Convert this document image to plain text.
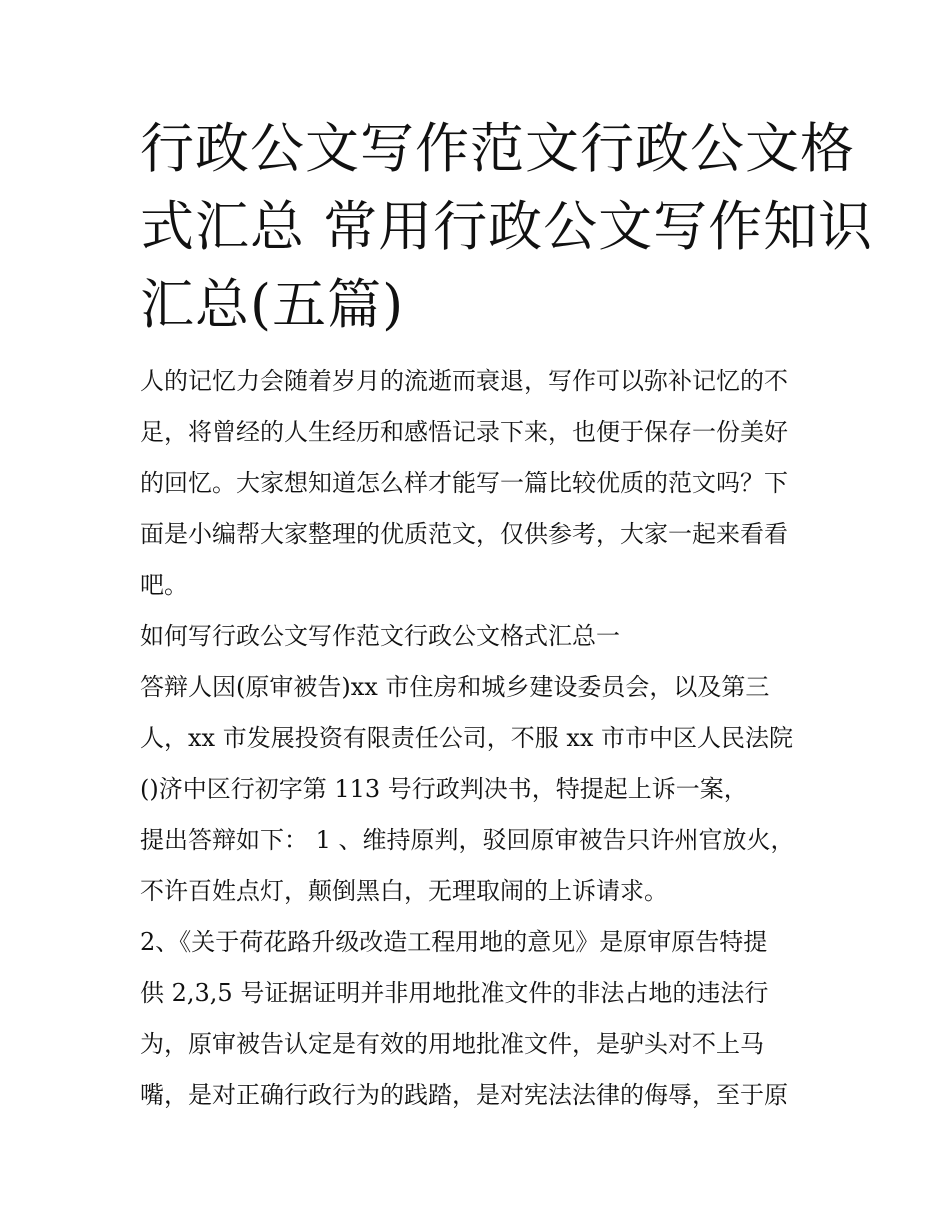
行政公文写作范文行政公文格
式汇总 常用行政公文写作知识
汇总(五篇)
人的记忆力会随着岁月的流逝而衰退，写作可以弥补记忆的不
足，将曾经的人生经历和感悟记录下来，也便于保存一份美好
的回忆。大家想知道怎么样才能写一篇比较优质的范文吗？下
面是小编帮大家整理的优质范文，仅供参考，大家一起来看看
吧。
如何写行政公文写作范文行政公文格式汇总一
答辩人因(原审被告)xx 市住房和城乡建设委员会，以及第三
人，xx 市发展投资有限责任公司，不服 xx 市市中区人民法院
()济中区行初字第 113 号行政判决书，特提起上诉一案，
提出答辩如下： 1 、维持原判，驳回原审被告只许州官放火，
不许百姓点灯，颠倒黑白，无理取闹的上诉请求。
2、《关于荷花路升级改造工程用地的意见》是原审原告特提
供 2,3,5 号证据证明并非用地批准文件的非法占地的违法行
为，原审被告认定是有效的用地批准文件，是驴头对不上马
嘴，是对正确行政行为的践踏，是对宪法法律的侮辱，至于原
